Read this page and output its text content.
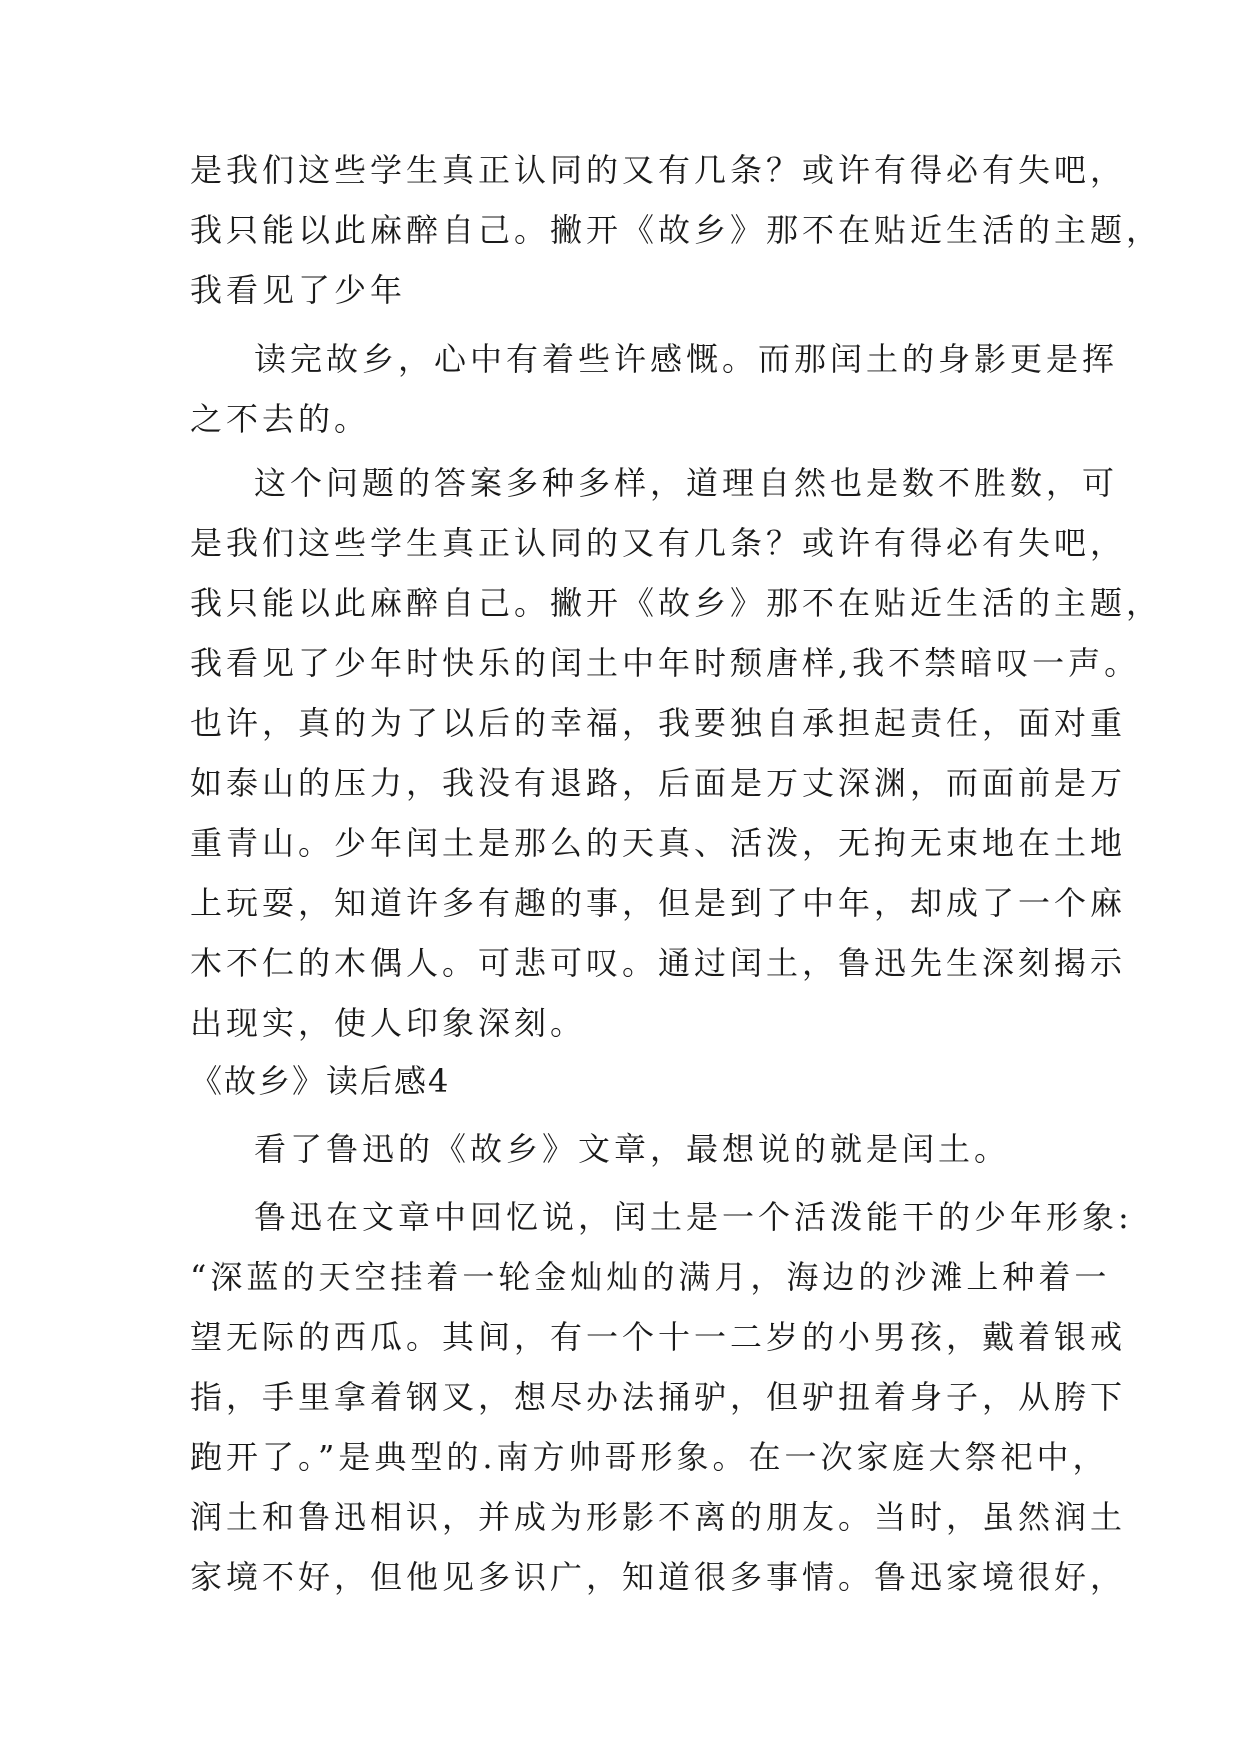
是我们这些学生真正认同的又有几条？或许有得必有失吧，
我只能以此麻醉自己。撇开《故乡》那不在贴近生活的主题，
我看见了少年
读完故乡，心中有着些许感慨。而那闰土的身影更是挥
之不去的。
这个问题的答案多种多样，道理自然也是数不胜数，可
是我们这些学生真正认同的又有几条？或许有得必有失吧，
我只能以此麻醉自己。撇开《故乡》那不在贴近生活的主题，
我看见了少年时快乐的闰土中年时颓唐样,我不禁暗叹一声。
也许，真的为了以后的幸福，我要独自承担起责任，面对重
如泰山的压力，我没有退路，后面是万丈深渊，而面前是万
重青山。少年闰土是那么的天真、活泼，无拘无束地在土地
上玩耍，知道许多有趣的事，但是到了中年，却成了一个麻
木不仁的木偶人。可悲可叹。通过闰土，鲁迅先生深刻揭示
出现实，使人印象深刻。
《故乡》读后感4
看了鲁迅的《故乡》文章，最想说的就是闰土。
鲁迅在文章中回忆说，闰土是一个活泼能干的少年形象:
“深蓝的天空挂着一轮金灿灿的满月，海边的沙滩上种着一
望无际的西瓜。其间，有一个十一二岁的小男孩，戴着银戒
指，手里拿着钢叉，想尽办法捅驴，但驴扭着身子，从胯下
跑开了。”是典型的.南方帅哥形象。在一次家庭大祭祀中，
润土和鲁迅相识，并成为形影不离的朋友。当时，虽然润土
家境不好，但他见多识广，知道很多事情。鲁迅家境很好，
